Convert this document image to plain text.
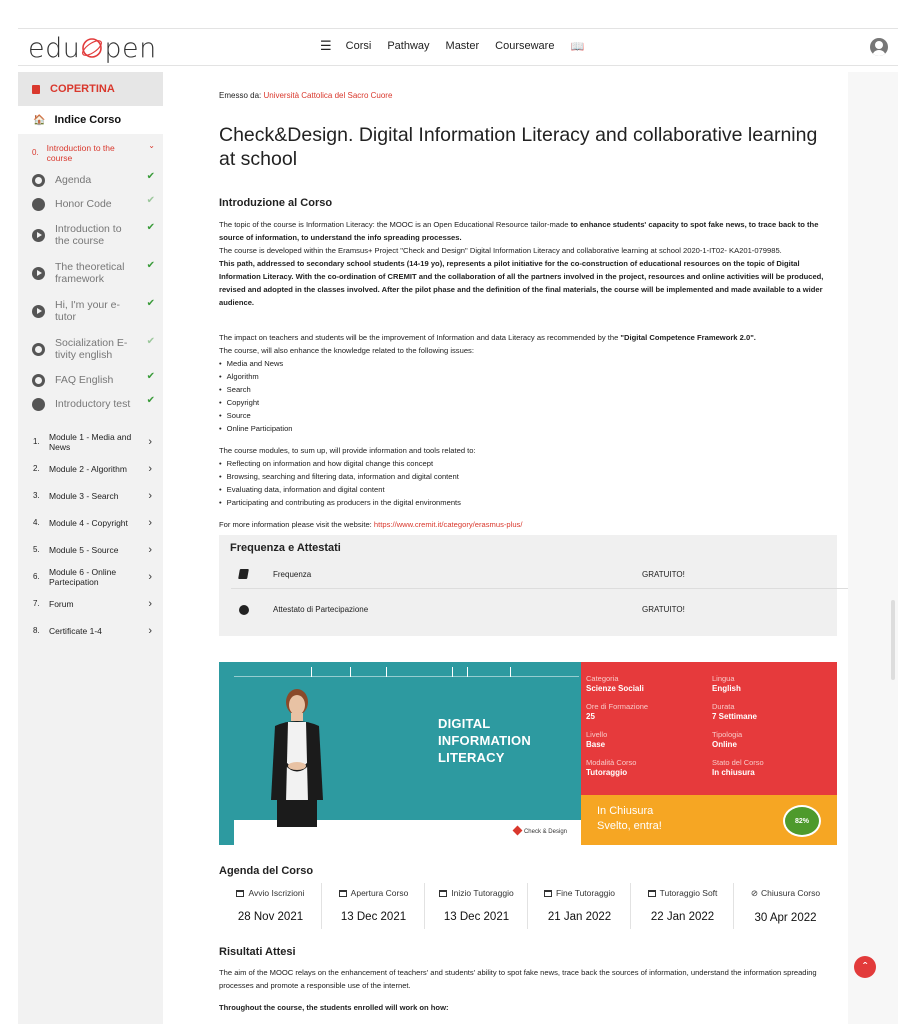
edu pen	☰ Corsi Pathway Master Courseware 📖
COPERTINA
🏠 Indice Corso
0. Introduction to the course
⌄
Agenda	✔
Honor Code	✔
Introduction to the course
✔
The theoretical framework
✔
Hi, I'm your e-tutor
✔
Socialization E-tivity english
✔
FAQ English	✔
Introductory test ✔
1.	Module 1 - Media and News	›
2.	Module 2 - Algorithm ›
3.	Module 3 - Search	›
4.	Module 4 - Copyright ›
5.	Module 5 - Source	›
6.	Module 6 - Online Partecipation	›
7.	Forum	›
8.	Certificate 1-4	›
Emesso da: Università Cattolica del Sacro Cuore
Check&Design. Digital Information Literacy and collaborative learning at school
Introduzione al Corso
The topic of the course is Information Literacy: the MOOC is an Open Educational Resource tailor-made to enhance students' capacity to spot fake news, to trace back to the source of information, to understand the info spreading processes.
The course is developed within the Eramsus+ Project "Check and Design" Digital Information Literacy and collaborative learning at school 2020-1-IT02- KA201-079985.
This path, addressed to secondary school students (14-19 yo), represents a pilot initiative for the co-construction of educational resources on the topic of Digital Information Literacy. With the co-ordination of CREMIT and the collaboration of all the partners involved in the project, resources and online activities will be produced, revised and adopted in the classes involved. After the pilot phase and the definition of the final materials, the course will be implemented and made available to a wider audience.
The impact on teachers and students will be the improvement of Information and data Literacy as recommended by the "Digital Competence Framework 2.0".
The course, will also enhance the knowledge related to the following issues:
• Media and News
• Algorithm
• Search
• Copyright
• Source
• Online Participation
The course modules, to sum up, will provide information and tools related to:
• Reflecting on information and how digital change this concept
• Browsing, searching and filtering data, information and digital content
• Evaluating data, information and digital content
• Participating and contributing as producers in the digital environments
For more information please visit the website: https://www.cremit.it/category/erasmus-plus/
Frequenza e Attestati
Frequenza	GRATUITO!
Attestato di Partecipazione	GRATUITO!
Check & Design
DIGITAL
INFORMATION
LITERACY
Categoria
Scienze Sociali
Lingua
English
Ore di Formazione
25
Durata
7 Settimane
Livello
Base
Tipologia
Online
Modalità Corso
Tutoraggio
Stato del Corso
In chiusura
In Chiusura
Svelto, entra!	82%
Agenda del Corso
Avvio Iscrizioni
28 Nov 2021
Apertura Corso
13 Dec 2021
Inizio Tutoraggio
13 Dec 2021
Fine Tutoraggio
21 Jan 2022
Tutoraggio Soft
22 Jan 2022
⊘ Chiusura Corso
30 Apr 2022
Risultati Attesi
The aim of the MOOC relays on the enhancement of teachers' and students' ability to spot fake news, trace back the sources of information, understand the information spreading processes and promote a responsible use of the internet.
Throughout the course, the students enrolled will work on how:
ˆ
